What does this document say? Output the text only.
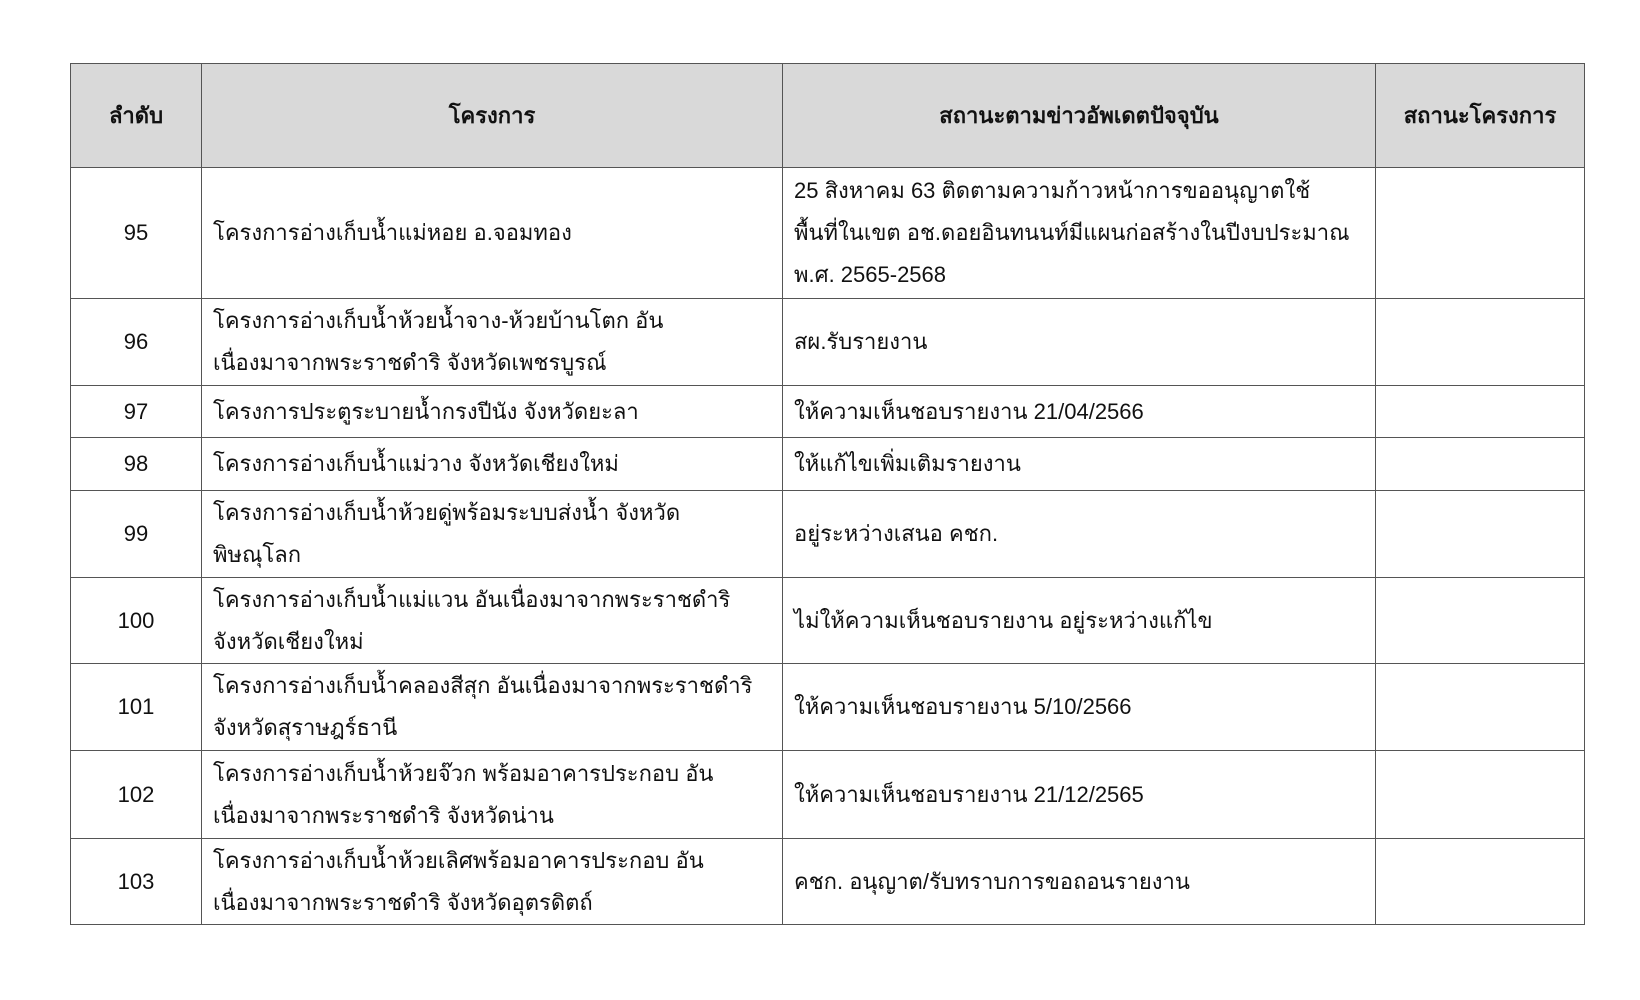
ลำดับ	โครงการ	สถานะตามข่าวอัพเดตปัจจุบัน	สถานะโครงการ
95	โครงการอ่างเก็บน้ำแม่หอย อ.จอมทอง	25 สิงหาคม 63 ติดตามความก้าวหน้าการขออนุญาตใช้
พื้นที่ในเขต อช.ดอยอินทนนท์มีแผนก่อสร้างในปีงบประมาณ
พ.ศ. 2565-2568	

96	โครงการอ่างเก็บน้ำห้วยน้ำจาง-ห้วยบ้านโตก อัน
เนื่องมาจากพระราชดำริ จังหวัดเพชรบูรณ์	สผ.รับรายงาน	

97	โครงการประตูระบายน้ำกรงปีนัง จังหวัดยะลา	ให้ความเห็นชอบรายงาน 21/04/2566	

98	โครงการอ่างเก็บน้ำแม่วาง จังหวัดเชียงใหม่	ให้แก้ไขเพิ่มเติมรายงาน	

99	โครงการอ่างเก็บน้ำห้วยดู่พร้อมระบบส่งน้ำ จังหวัด
พิษณุโลก	อยู่ระหว่างเสนอ คชก.	

100	โครงการอ่างเก็บน้ำแม่แวน อันเนื่องมาจากพระราชดำริ
จังหวัดเชียงใหม่	ไม่ให้ความเห็นชอบรายงาน อยู่ระหว่างแก้ไข	

101	โครงการอ่างเก็บน้ำคลองสีสุก อันเนื่องมาจากพระราชดำริ
จังหวัดสุราษฎร์ธานี	ให้ความเห็นชอบรายงาน 5/10/2566	

102	โครงการอ่างเก็บน้ำห้วยจ๊วก พร้อมอาคารประกอบ อัน
เนื่องมาจากพระราชดำริ จังหวัดน่าน	ให้ความเห็นชอบรายงาน 21/12/2565	

103	โครงการอ่างเก็บน้ำห้วยเลิศพร้อมอาคารประกอบ อัน
เนื่องมาจากพระราชดำริ จังหวัดอุตรดิตถ์	คชก. อนุญาต/รับทราบการขอถอนรายงาน	
